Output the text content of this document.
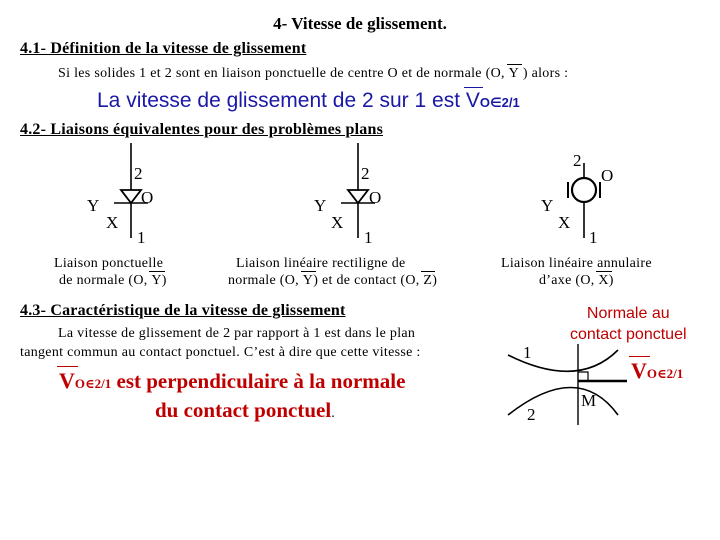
4- Vitesse de glissement.
4.1- Définition de la vitesse de glissement
Si les solides 1 et 2 sont en liaison ponctuelle de centre O et de normale (O, Y ) alors :
La vitesse de glissement de 2 sur 1 est VO∈2/1
4.2- Liaisons équivalentes pour des problèmes plans
2
O
Y
X
1
Liaison ponctuelle
de normale (O, Y)
2
O
Y
X
1
Liaison linéaire rectiligne de
normale (O, Y) et de contact (O, Z)
2
O
Y
X
1
Liaison linéaire annulaire
d’axe (O, X)
4.3- Caractéristique de la vitesse de glissement
La vitesse de glissement de 2 par rapport à 1 est dans le plan
tangent commun au contact ponctuel. C’est à dire que cette vitesse :
VO∈2/1 est perpendiculaire à la normale
du contact ponctuel.
Normale au
contact ponctuel
1
2
M
VO∈2/1
